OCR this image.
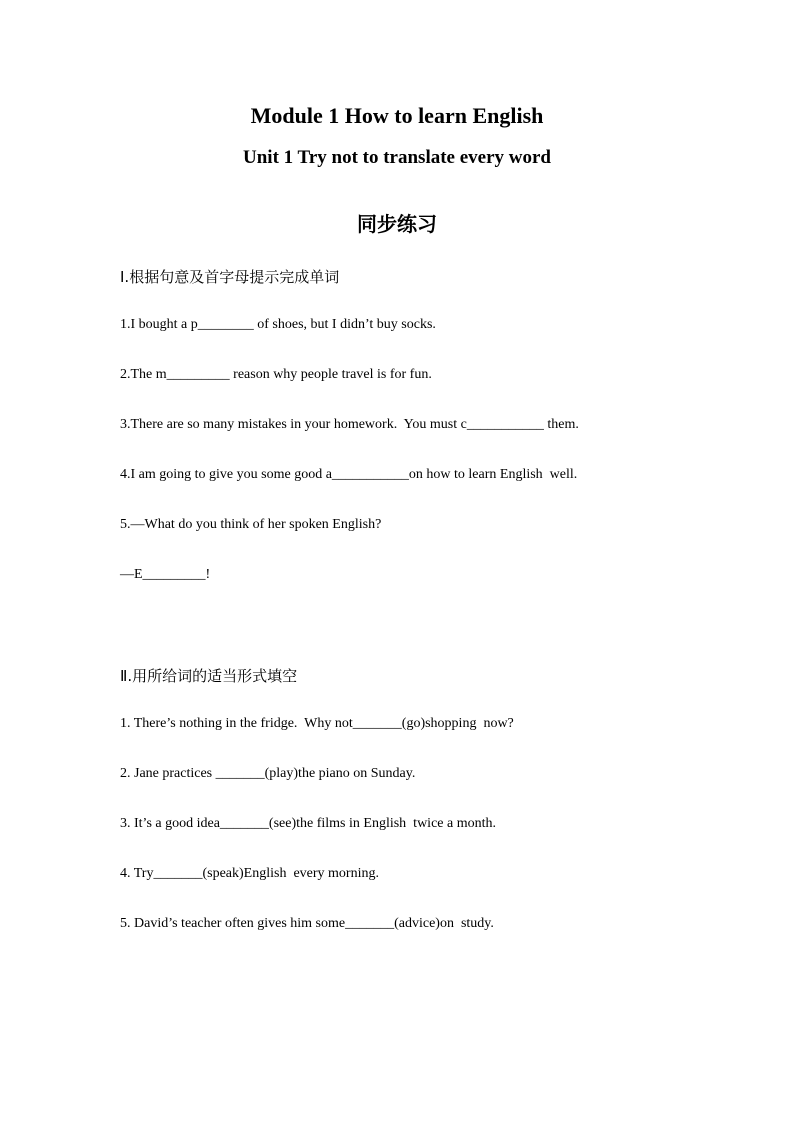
Module 1 How to learn English
Unit 1 Try not to translate every word
同步练习
Ⅰ.根据句意及首字母提示完成单词
1.I bought a p________ of shoes, but I didn’t buy socks.
2.The m_________ reason why people travel is for fun.
3.There are so many mistakes in your homework.  You must c___________ them.
4.I am going to give you some good a___________on how to learn English  well.
5.—What do you think of her spoken English?
—E_________!
Ⅱ.用所给词的适当形式填空
1. There’s nothing in the fridge.  Why not_______(go)shopping  now?
2. Jane practices _______(play)the piano on Sunday.
3. It’s a good idea_______(see)the films in English  twice a month.
4. Try_______(speak)English  every morning.
5. David’s teacher often gives him some_______(advice)on  study.
